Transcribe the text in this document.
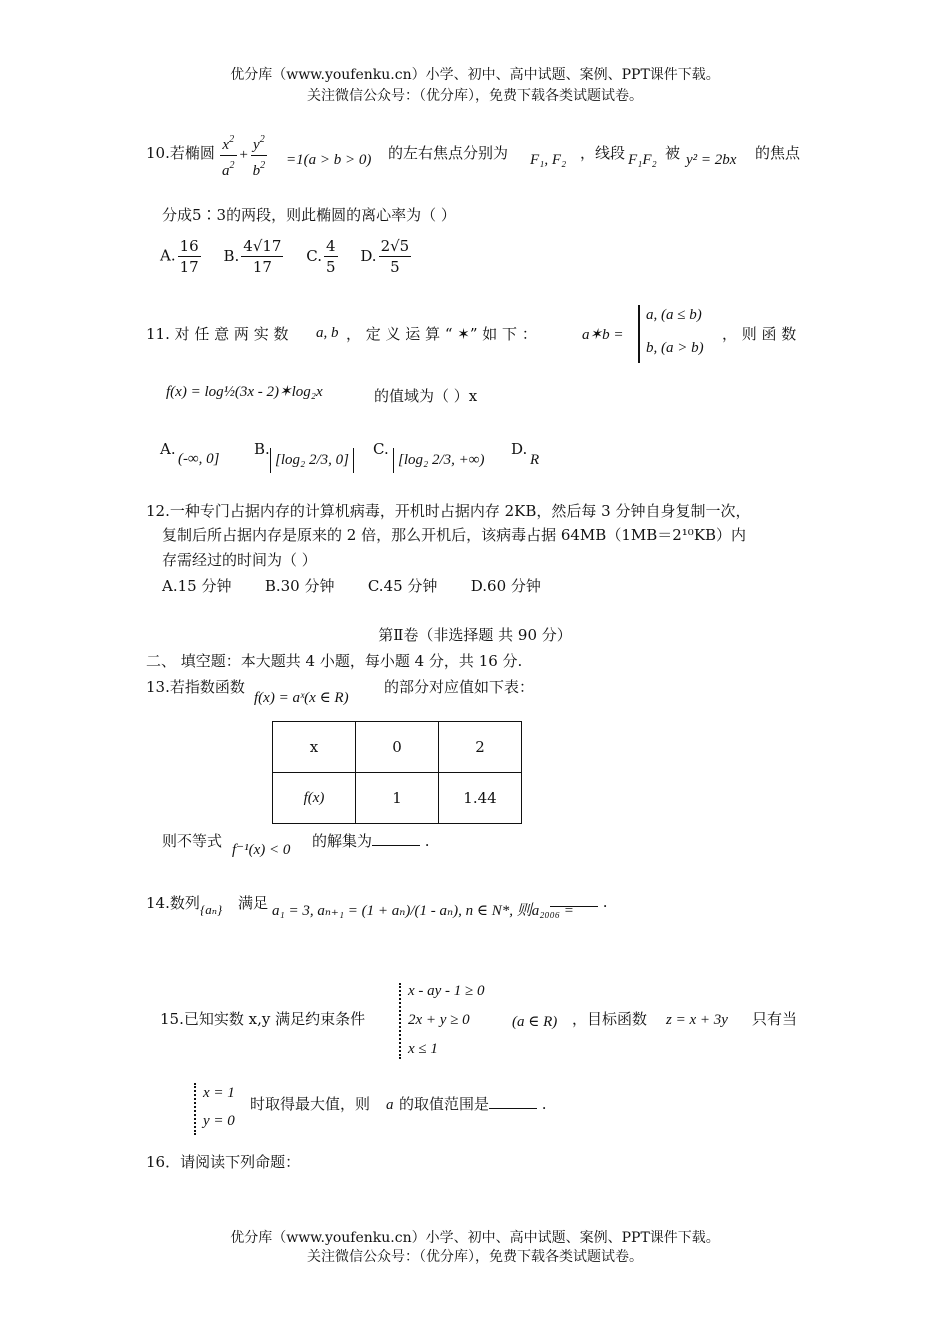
优分库（www.youfenku.cn）小学、初中、高中试题、案例、PPT课件下载。
关注微信公众号：（优分库），免费下载各类试题试卷。
10.若椭圆 $\frac{x^2}{a^2} + \frac{y^2}{b^2} =1(a > b > 0)$ 的左右焦点分别为 F₁, F₂ ，线段 F₁F₂ 被 y² = 2bx 的焦点
分成5∶3的两段，则此椭圆的离心率为（ ）
A. $\frac{16}{17} B$. $\frac{4√17}{17} C$. $\frac{4}{5} D$. $\frac{2√5}{5}$
11. 对 任 意 两 实 数 a, b ， 定 义 运 算 “ ✶” 如 下 ：	a✶b =
a, (a ≤ b)
b, (a > b)
， 则 函 数
f(x) = log½(3x - 2)✶log₂x	的值域为（ ）x
A.
(-∞, 0]
B.
[log₂ 2/3, 0]
C.
[log₂ 2/3, +∞)
D.
R
12.一种专门占据内存的计算机病毒，开机时占据内存 2KB，然后每 3 分钟自身复制一次，
复制后所占据内存是原来的 2 倍，那么开机后，该病毒占据 64MB（1MB＝2¹⁰KB）内
存需经过的时间为（ ）
A.15 分钟       B.30 分钟       C.45 分钟       D.60 分钟
第Ⅱ卷（非选择题 共 90 分）
二、 填空题：本大题共 4 小题，每小题 4 分，共 16 分.
13.若指数函数
f(x) = aˣ(x ∈ R)
的部分对应值如下表：
x	0	2
f(x)	1	1.44
则不等式 f⁻¹(x) < 0 的解集为	.
14.数列 {aₙ} 满足 a₁ = 3, aₙ₊₁ = (1 + aₙ)/(1 - aₙ), n ∈ N*, 则a₂₀₀₆ =	.
15.已知实数 x,y 满足约束条件
x - ay - 1 ≥ 0
2x + y ≥ 0
x ≤ 1
(a ∈ R) ，目标函数 z = x + 3y 只有当
x = 1
y = 0
时取得最大值，则 a 的取值范围是	.
16．请阅读下列命题：
优分库（www.youfenku.cn）小学、初中、高中试题、案例、PPT课件下载。
关注微信公众号：（优分库），免费下载各类试题试卷。
